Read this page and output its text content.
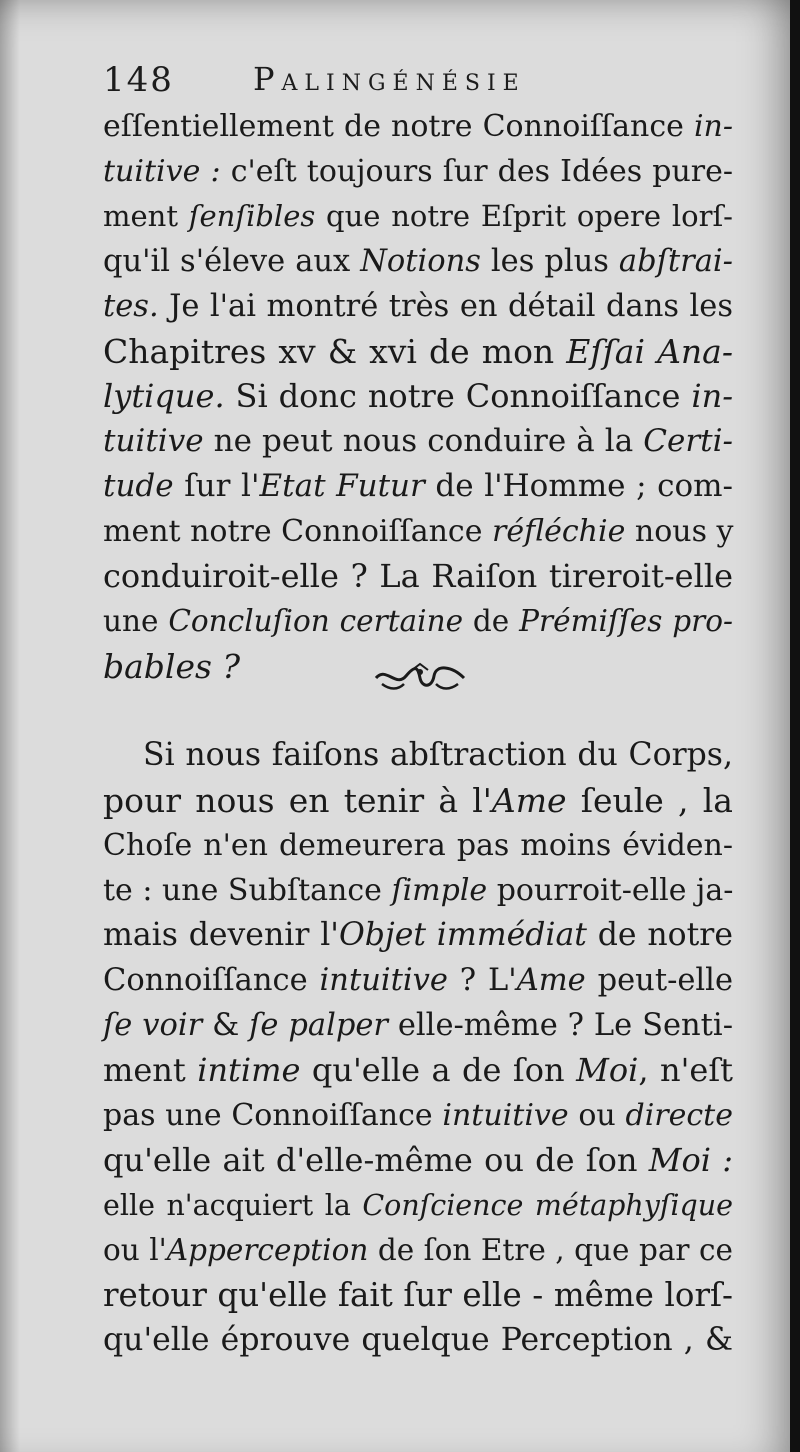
148 Palingénésie
eſſentiellement de notre Connoiſſance in-
tuitive : c'eſt toujours ſur des Idées pure-
ment ſenſibles que notre Eſprit opere lorſ-
qu'il s'éleve aux Notions les plus abſtrai-
tes. Je l'ai montré très en détail dans les
Chapitres xv & xvi de mon Eſſai Ana-
lytique. Si donc notre Connoiſſance in-
tuitive ne peut nous conduire à la Certi-
tude ſur l'Etat Futur de l'Homme ; com-
ment notre Connoiſſance réfléchie nous y
conduiroit-elle ? La Raiſon tireroit-elle
une Concluſion certaine de Prémiſſes pro-
bables ?
Si nous faiſons abſtraction du Corps,
pour nous en tenir à l'Ame ſeule , la
Choſe n'en demeurera pas moins éviden-
te : une Subſtance ſimple pourroit-elle ja-
mais devenir l'Objet immédiat de notre
Connoiſſance intuitive ? L'Ame peut-elle
ſe voir & ſe palper elle-même ? Le Senti-
ment intime qu'elle a de ſon Moi, n'eſt
pas une Connoiſſance intuitive ou directe
qu'elle ait d'elle-même ou de ſon Moi :
elle n'acquiert la Conſcience métaphyſique
ou l'Apperception de ſon Etre , que par ce
retour qu'elle fait ſur elle - même lorſ-
qu'elle éprouve quelque Perception , &
